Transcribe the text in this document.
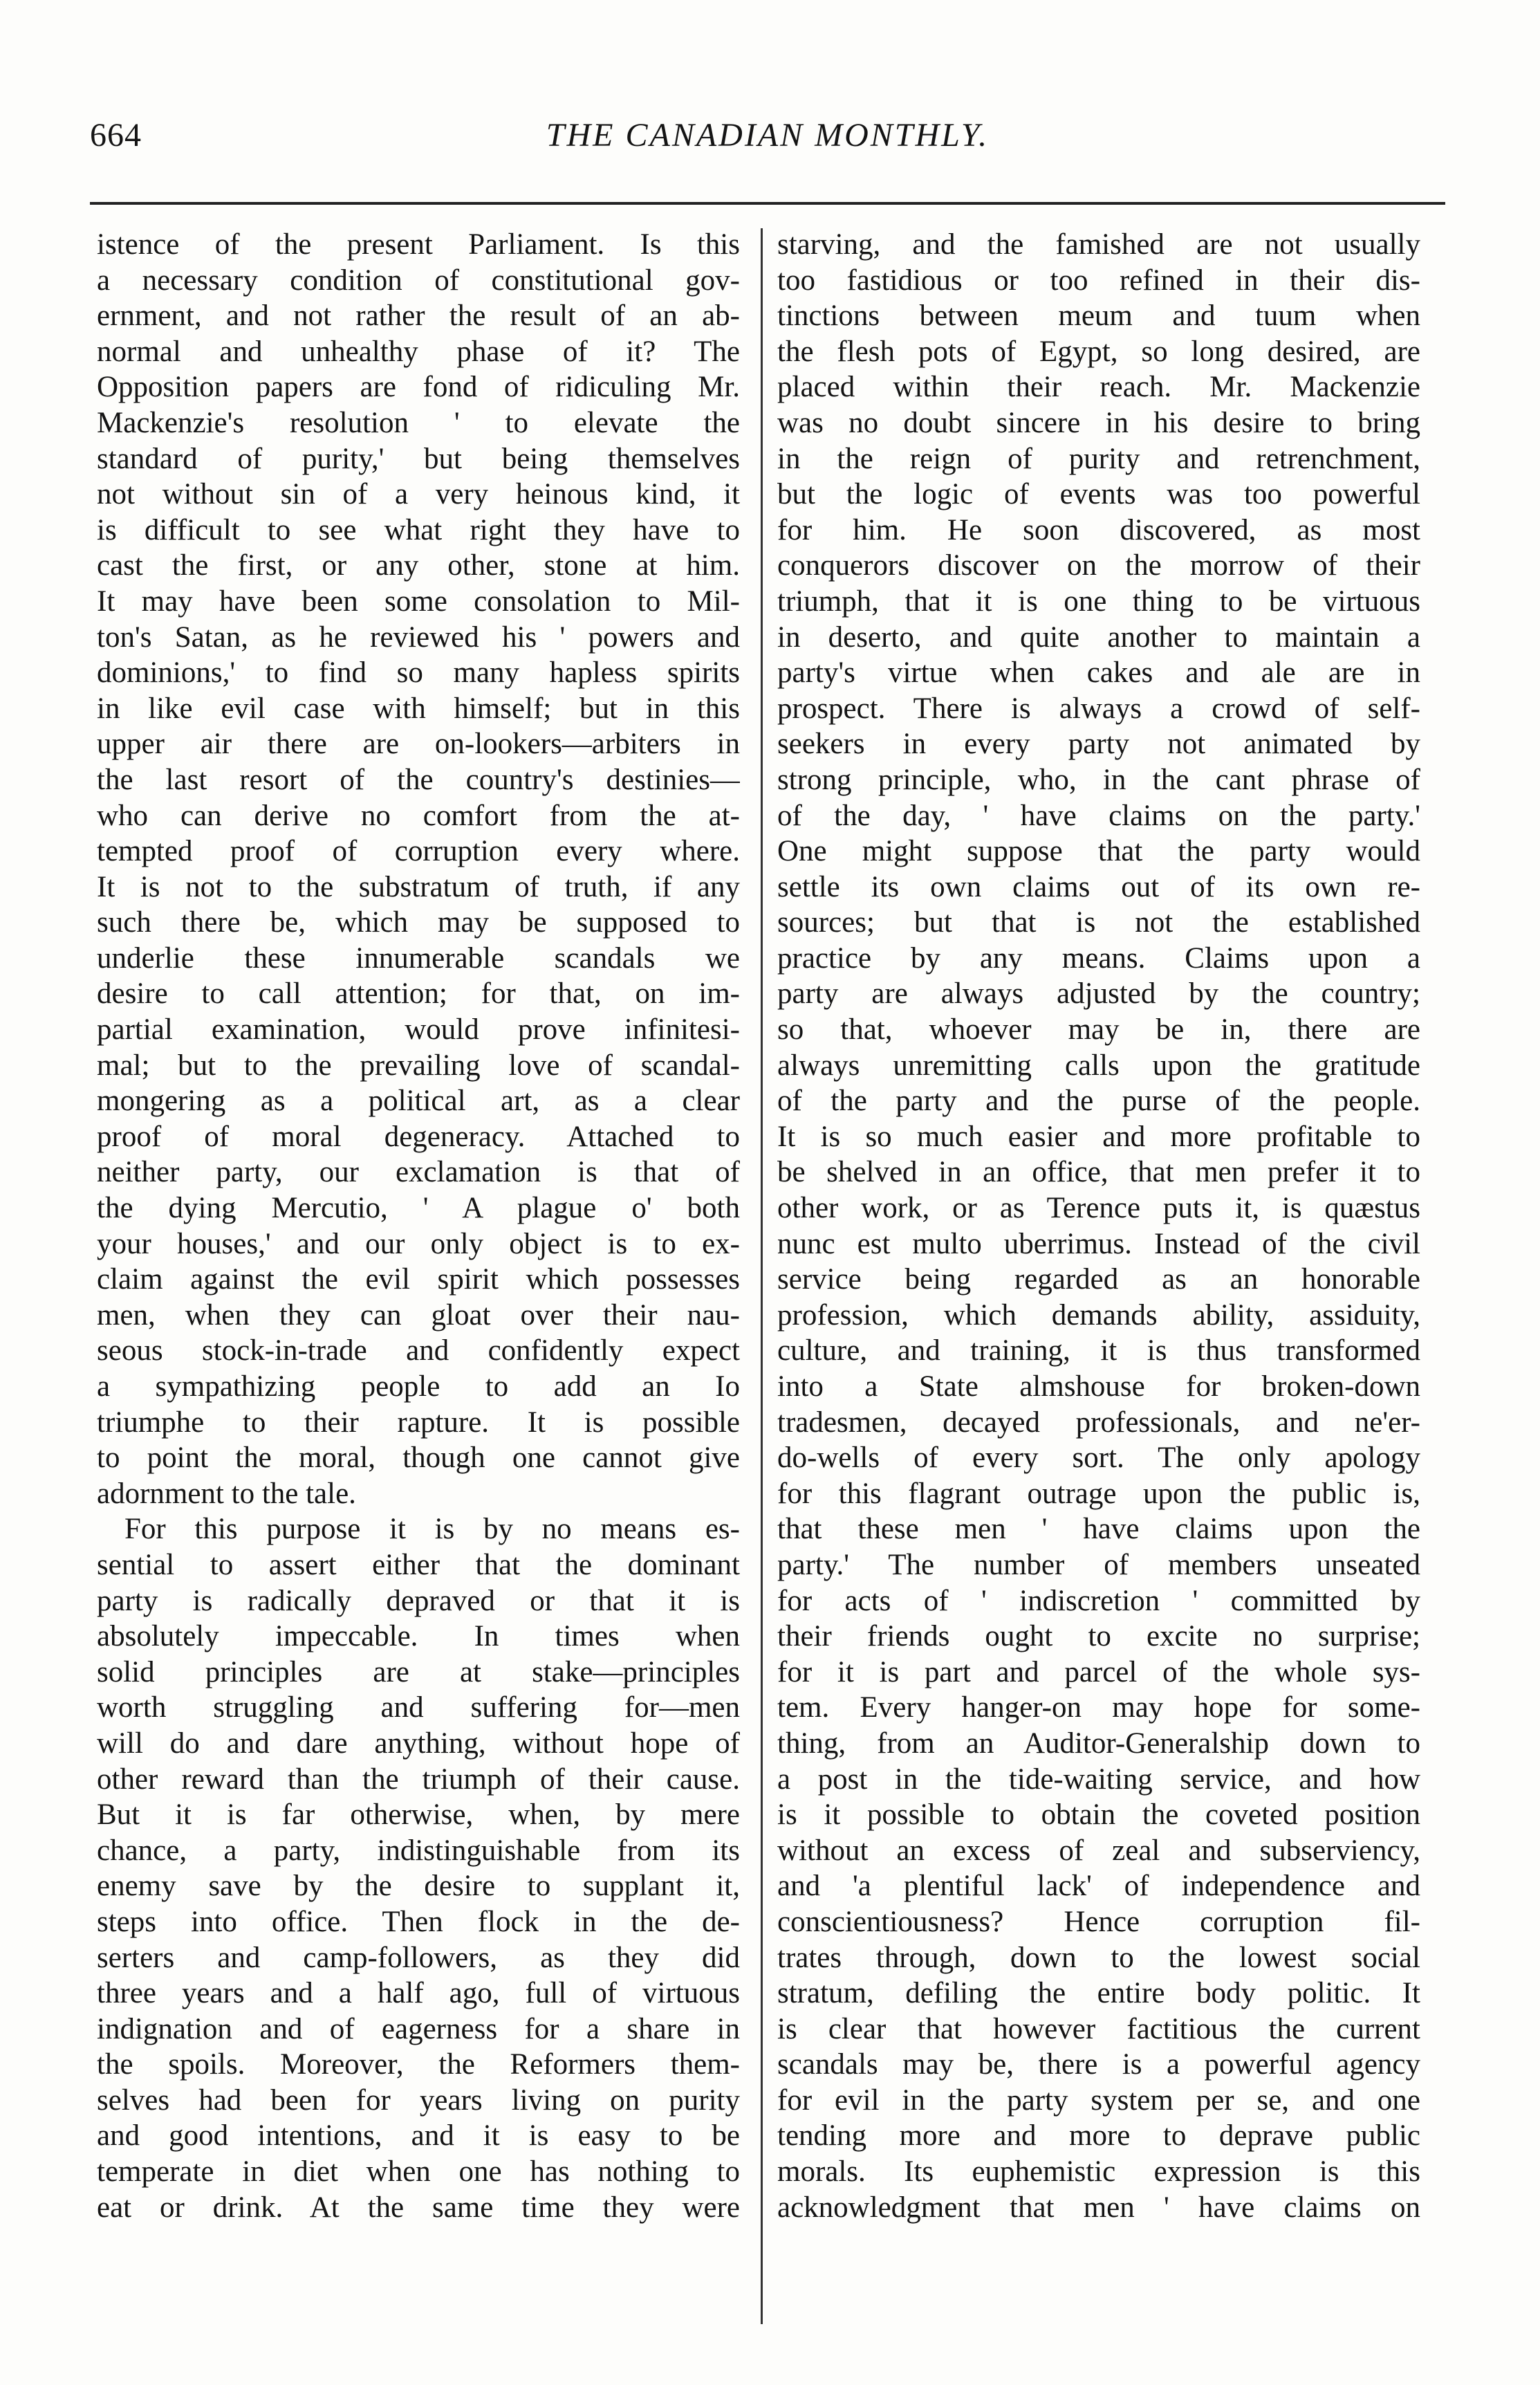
664	THE CANADIAN MONTHLY.
istence of the present Parliament. Is this
a necessary condition of constitutional gov-
ernment, and not rather the result of an ab-
normal and unhealthy phase of it? The
Opposition papers are fond of ridiculing Mr.
Mackenzie's resolution ' to elevate the
standard of purity,' but being themselves
not without sin of a very heinous kind, it
is difficult to see what right they have to
cast the first, or any other, stone at him.
It may have been some consolation to Mil-
ton's Satan, as he reviewed his ' powers and
dominions,' to find so many hapless spirits
in like evil case with himself; but in this
upper air there are on-lookers—arbiters in
the last resort of the country's destinies—
who can derive no comfort from the at-
tempted proof of corruption every where.
It is not to the substratum of truth, if any
such there be, which may be supposed to
underlie these innumerable scandals we
desire to call attention; for that, on im-
partial examination, would prove infinitesi-
mal; but to the prevailing love of scandal-
mongering as a political art, as a clear
proof of moral degeneracy. Attached to
neither party, our exclamation is that of
the dying Mercutio, ' A plague o' both
your houses,' and our only object is to ex-
claim against the evil spirit which possesses
men, when they can gloat over their nau-
seous stock-in-trade and confidently expect
a sympathizing people to add an Io
triumphe to their rapture. It is possible
to point the moral, though one cannot give
adornment to the tale.
For this purpose it is by no means es-
sential to assert either that the dominant
party is radically depraved or that it is
absolutely impeccable. In times when
solid principles are at stake—principles
worth struggling and suffering for—men
will do and dare anything, without hope of
other reward than the triumph of their cause.
But it is far otherwise, when, by mere
chance, a party, indistinguishable from its
enemy save by the desire to supplant it,
steps into office. Then flock in the de-
serters and camp-followers, as they did
three years and a half ago, full of virtuous
indignation and of eagerness for a share in
the spoils. Moreover, the Reformers them-
selves had been for years living on purity
and good intentions, and it is easy to be
temperate in diet when one has nothing to
eat or drink. At the same time they were
starving, and the famished are not usually
too fastidious or too refined in their dis-
tinctions between meum and tuum when
the flesh pots of Egypt, so long desired, are
placed within their reach. Mr. Mackenzie
was no doubt sincere in his desire to bring
in the reign of purity and retrenchment,
but the logic of events was too powerful
for him. He soon discovered, as most
conquerors discover on the morrow of their
triumph, that it is one thing to be virtuous
in deserto, and quite another to maintain a
party's virtue when cakes and ale are in
prospect. There is always a crowd of self-
seekers in every party not animated by
strong principle, who, in the cant phrase of
of the day, ' have claims on the party.'
One might suppose that the party would
settle its own claims out of its own re-
sources; but that is not the established
practice by any means. Claims upon a
party are always adjusted by the country;
so that, whoever may be in, there are
always unremitting calls upon the gratitude
of the party and the purse of the people.
It is so much easier and more profitable to
be shelved in an office, that men prefer it to
other work, or as Terence puts it, is quæstus
nunc est multo uberrimus. Instead of the civil
service being regarded as an honorable
profession, which demands ability, assiduity,
culture, and training, it is thus transformed
into a State almshouse for broken-down
tradesmen, decayed professionals, and ne'er-
do-wells of every sort. The only apology
for this flagrant outrage upon the public is,
that these men ' have claims upon the
party.' The number of members unseated
for acts of ' indiscretion ' committed by
their friends ought to excite no surprise;
for it is part and parcel of the whole sys-
tem. Every hanger-on may hope for some-
thing, from an Auditor-Generalship down to
a post in the tide-waiting service, and how
is it possible to obtain the coveted position
without an excess of zeal and subserviency,
and 'a plentiful lack' of independence and
conscientiousness? Hence corruption fil-
trates through, down to the lowest social
stratum, defiling the entire body politic. It
is clear that however factitious the current
scandals may be, there is a powerful agency
for evil in the party system per se, and one
tending more and more to deprave public
morals. Its euphemistic expression is this
acknowledgment that men ' have claims on
